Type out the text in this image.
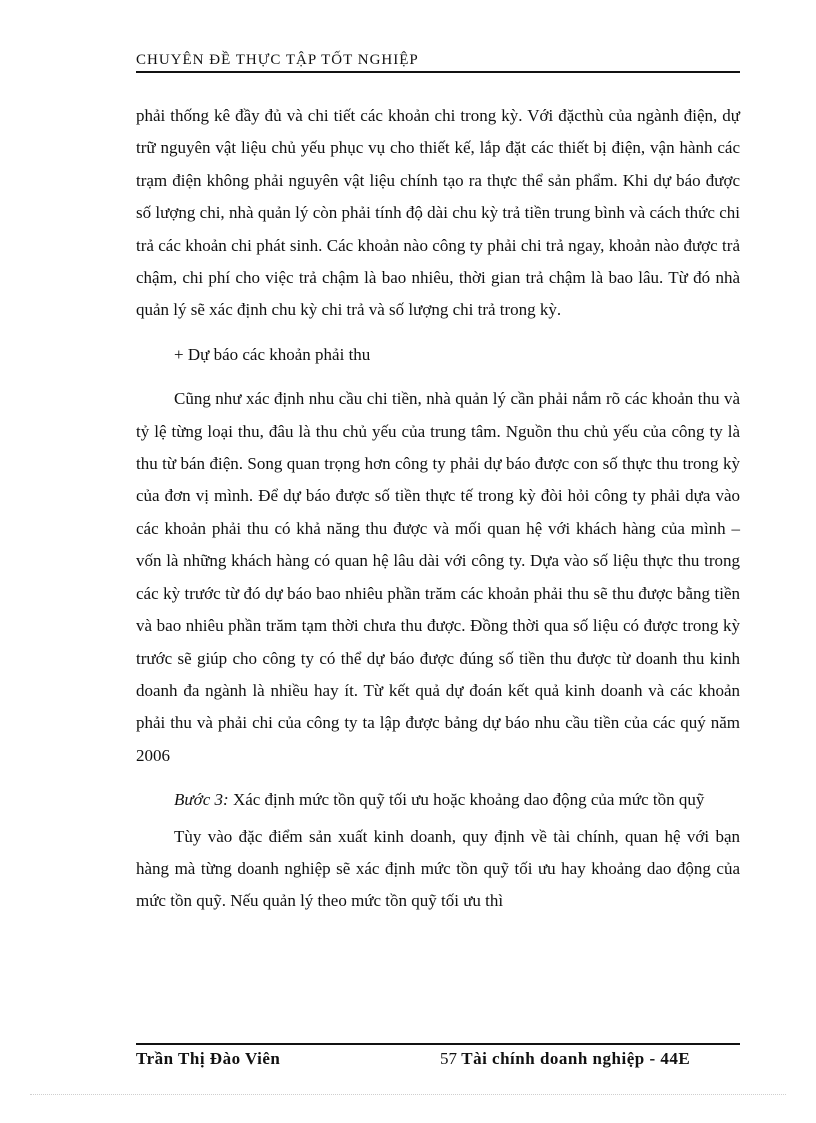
CHUYÊN ĐỀ THỰC TẬP TỐT NGHIỆP

phải thống kê đầy đủ và chi tiết các khoản chi trong kỳ. Với đặcthù của ngành điện, dự trữ nguyên vật liệu chủ yếu phục vụ cho thiết kế, lắp đặt các thiết bị điện, vận hành các trạm điện không phải nguyên vật liệu chính tạo ra thực thể sản phẩm. Khi dự báo được số lượng chi, nhà quản lý còn phải tính độ dài chu kỳ trả tiền trung bình và cách thức chi trả các khoản chi phát sinh. Các khoản nào công ty phải chi trả ngay, khoản nào được trả chậm, chi phí cho việc trả chậm là bao nhiêu, thời gian trả chậm là bao lâu. Từ đó nhà quản lý sẽ xác định chu kỳ chi trả và số lượng chi trả trong kỳ.

+ Dự báo các khoản phải thu

Cũng như xác định nhu cầu chi tiền, nhà quản lý cần phải nắm rõ các khoản thu và tỷ lệ từng loại thu, đâu là thu chủ yếu của trung tâm. Nguồn thu chủ yếu của công ty là thu từ bán điện. Song quan trọng hơn công ty phải dự báo được con số thực thu trong kỳ của đơn vị mình. Để dự báo được số tiền thực tế trong kỳ đòi hỏi công ty phải dựa vào các khoản phải thu có khả năng thu được và mối quan hệ với khách hàng của mình – vốn là những khách hàng có quan hệ lâu dài với công ty. Dựa vào số liệu thực thu trong các kỳ trước từ đó dự báo bao nhiêu phần trăm các khoản phải thu sẽ thu được bằng tiền và bao nhiêu phần trăm tạm thời chưa thu được. Đồng thời qua số liệu có được trong kỳ trước sẽ giúp cho công ty có thể dự báo được đúng số tiền thu được từ doanh thu kinh doanh đa ngành là nhiều hay ít. Từ kết quả dự đoán kết quả kinh doanh và các khoản phải thu và phải chi của công ty ta lập được bảng dự báo nhu cầu tiền của các quý năm 2006

Bước 3: Xác định mức tồn quỹ tối ưu hoặc khoảng dao động của mức tồn quỹ

Tùy vào đặc điểm sản xuất kinh doanh, quy định về tài chính, quan hệ với bạn hàng mà từng doanh nghiệp sẽ xác định mức tồn quỹ tối ưu hay khoảng dao động của mức tồn quỹ. Nếu quản lý theo mức tồn quỹ tối ưu thì

Trần Thị Đào Viên	57 Tài chính doanh nghiệp - 44E
